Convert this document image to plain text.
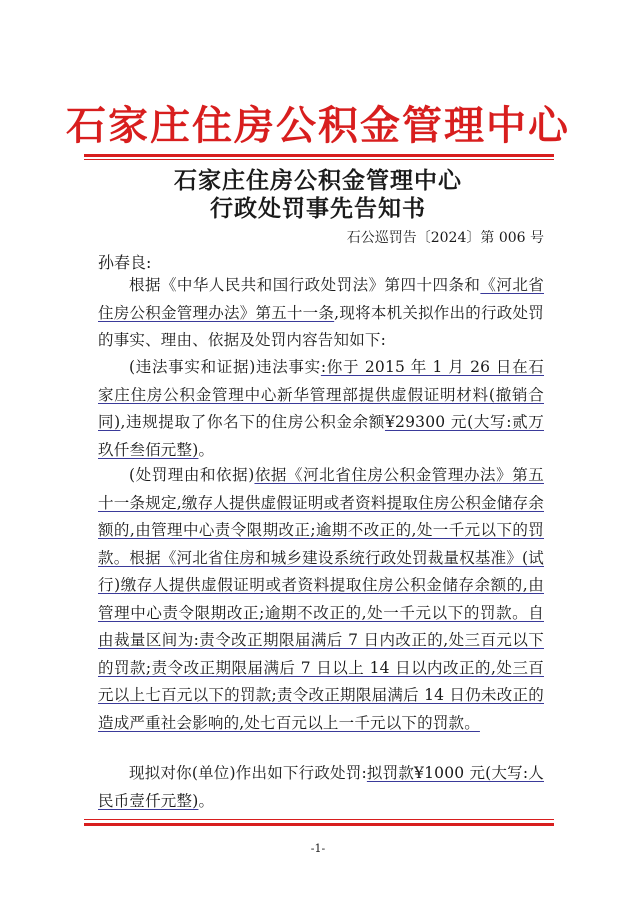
石家庄住房公积金管理中心
石家庄住房公积金管理中心
行政处罚事先告知书
石公巡罚告〔2024〕第 006 号
孙春良:
根据《中华人民共和国行政处罚法》第四十四条和《河北省住房公积金管理办法》第五十一条,现将本机关拟作出的行政处罚的事实、理由、依据及处罚内容告知如下:
(违法事实和证据)违法事实:你于 2015 年 1 月 26 日在石家庄住房公积金管理中心新华管理部提供虚假证明材料(撤销合同),违规提取了你名下的住房公积金余额¥29300 元(大写:贰万玖仟叁佰元整)。
(处罚理由和依据)依据《河北省住房公积金管理办法》第五十一条规定,缴存人提供虚假证明或者资料提取住房公积金储存余额的,由管理中心责令限期改正;逾期不改正的,处一千元以下的罚款。根据《河北省住房和城乡建设系统行政处罚裁量权基准》(试行)缴存人提供虚假证明或者资料提取住房公积金储存余额的,由管理中心责令限期改正;逾期不改正的,处一千元以下的罚款。自由裁量区间为:责令改正期限届满后 7 日内改正的,处三百元以下的罚款;责令改正期限届满后 7 日以上 14 日以内改正的,处三百元以上七百元以下的罚款;责令改正期限届满后 14 日仍未改正的造成严重社会影响的,处七百元以上一千元以下的罚款。
现拟对你(单位)作出如下行政处罚:拟罚款¥1000 元(大写:人民币壹仟元整)。
-1-
